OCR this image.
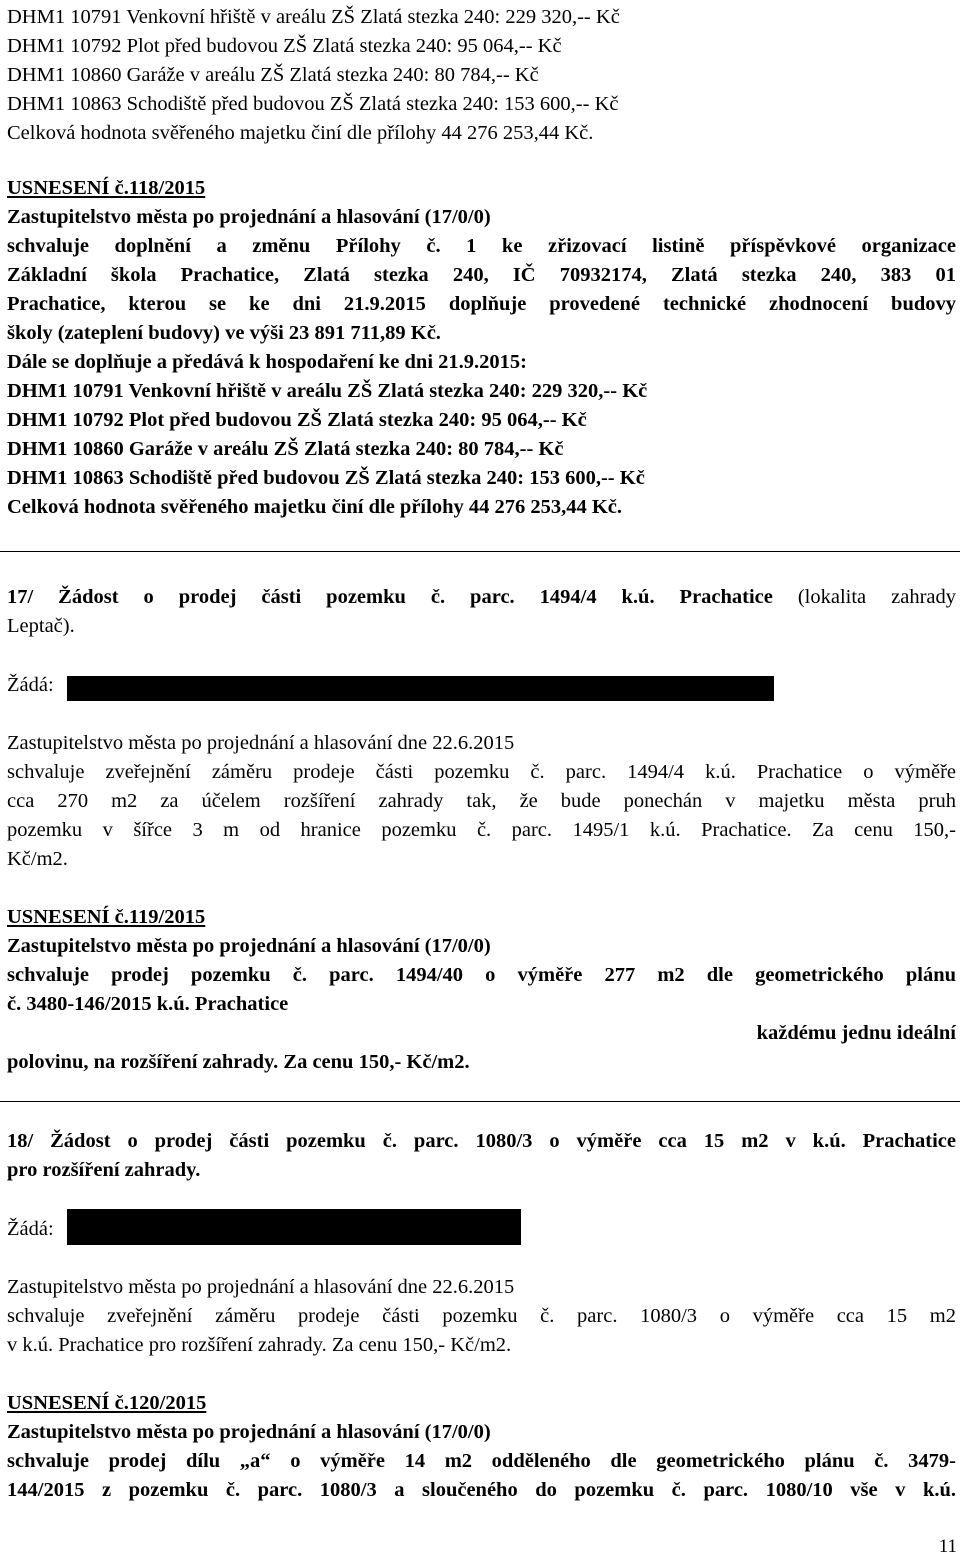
DHM1 10791 Venkovní hřiště v areálu ZŠ Zlatá stezka 240: 229 320,-- Kč
DHM1 10792 Plot před budovou ZŠ Zlatá stezka 240: 95 064,-- Kč
DHM1 10860 Garáže v areálu ZŠ Zlatá stezka 240: 80 784,-- Kč
DHM1 10863 Schodiště před budovou ZŠ Zlatá stezka 240: 153 600,-- Kč
Celková hodnota svěřeného majetku činí dle přílohy 44 276 253,44 Kč.
USNESENÍ č.118/2015
Zastupitelstvo města po projednání a hlasování (17/0/0)
schvaluje doplnění a změnu Přílohy č. 1 ke zřizovací listině příspěvkové organizace
Základní škola Prachatice, Zlatá stezka 240, IČ 70932174, Zlatá stezka 240, 383 01
Prachatice, kterou se ke dni 21.9.2015 doplňuje provedené technické zhodnocení budovy
školy (zateplení budovy) ve výši 23 891 711,89 Kč.
Dále se doplňuje a předává k hospodaření ke dni 21.9.2015:
DHM1 10791 Venkovní hřiště v areálu ZŠ Zlatá stezka 240: 229 320,-- Kč
DHM1 10792 Plot před budovou ZŠ Zlatá stezka 240: 95 064,-- Kč
DHM1 10860 Garáže v areálu ZŠ Zlatá stezka 240: 80 784,-- Kč
DHM1 10863 Schodiště před budovou ZŠ Zlatá stezka 240: 153 600,-- Kč
Celková hodnota svěřeného majetku činí dle přílohy 44 276 253,44 Kč.
17/ Žádost o prodej části pozemku č. parc. 1494/4 k.ú. Prachatice (lokalita zahrady
Leptač).
Žádá:
Zastupitelstvo města po projednání a hlasování dne 22.6.2015
schvaluje zveřejnění záměru prodeje části pozemku č. parc. 1494/4 k.ú. Prachatice o výměře
cca 270 m2 za účelem rozšíření zahrady tak, že bude ponechán v majetku města pruh
pozemku v šířce 3 m od hranice pozemku č. parc. 1495/1 k.ú. Prachatice. Za cenu 150,-
Kč/m2.
USNESENÍ č.119/2015
Zastupitelstvo města po projednání a hlasování (17/0/0)
schvaluje prodej pozemku č. parc. 1494/40 o výměře 277 m2 dle geometrického plánu
č. 3480-146/2015 k.ú. Prachatice
každému jednu ideální
polovinu, na rozšíření zahrady. Za cenu 150,- Kč/m2.
18/ Žádost o prodej části pozemku č. parc. 1080/3 o výměře cca 15 m2 v k.ú. Prachatice
pro rozšíření zahrady.
Žádá:
Zastupitelstvo města po projednání a hlasování dne 22.6.2015
schvaluje zveřejnění záměru prodeje části pozemku č. parc. 1080/3 o výměře cca 15 m2
v k.ú. Prachatice pro rozšíření zahrady. Za cenu 150,- Kč/m2.
USNESENÍ č.120/2015
Zastupitelstvo města po projednání a hlasování (17/0/0)
schvaluje prodej dílu „a“ o výměře 14 m2 odděleného dle geometrického plánu č. 3479-
144/2015 z pozemku č. parc. 1080/3 a sloučeného do pozemku č. parc. 1080/10 vše v k.ú.
11
